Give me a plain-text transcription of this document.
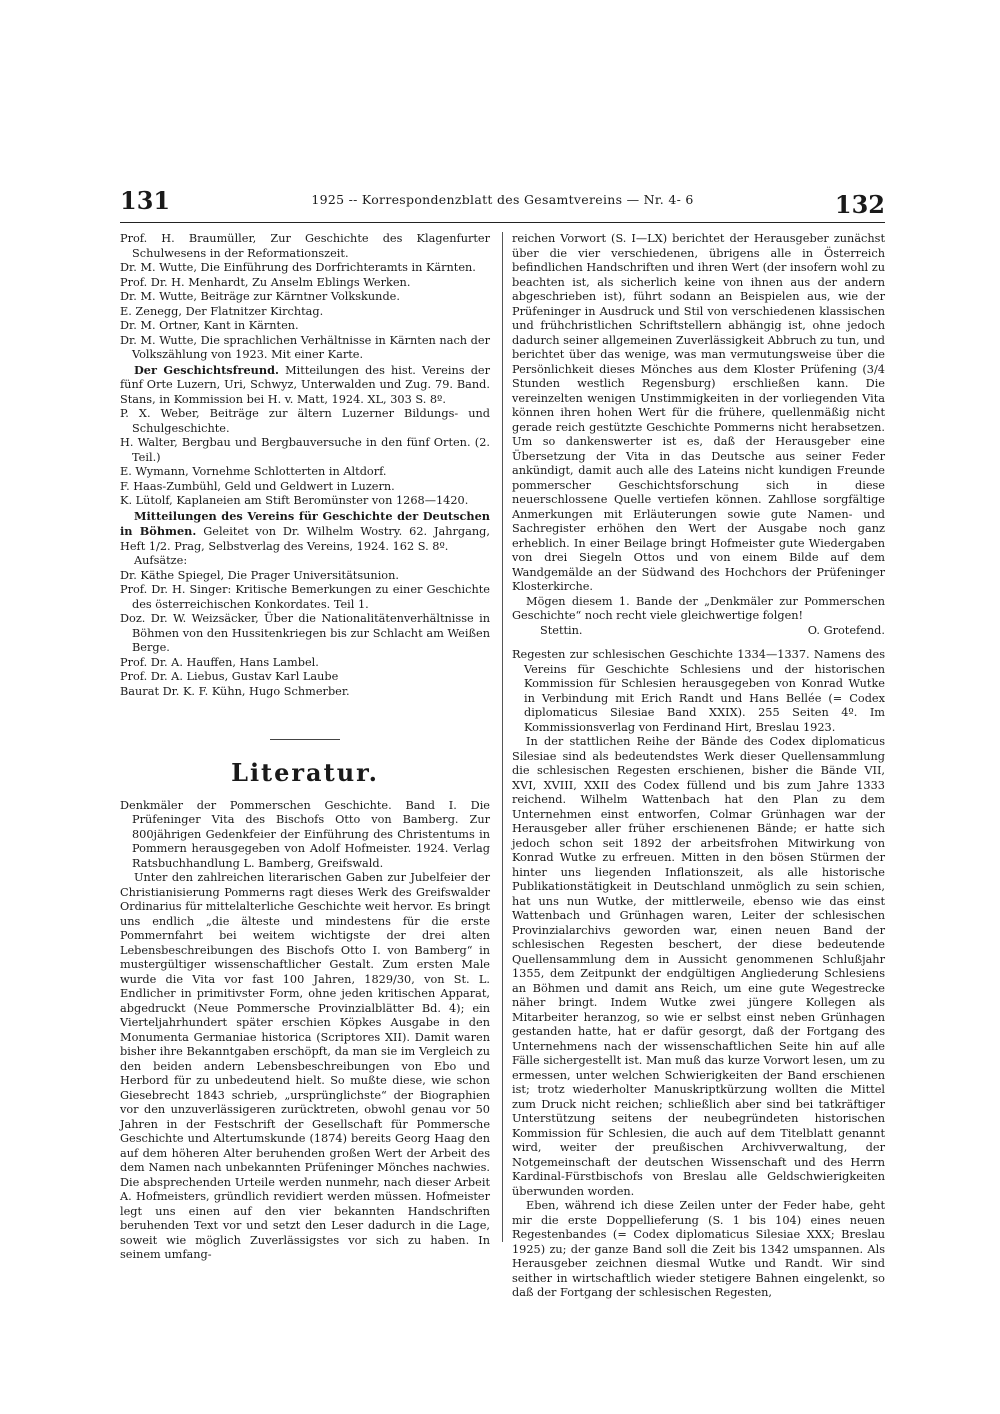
131	1925 -- Korrespondenzblatt des Gesamtvereins — Nr. 4- 6	132

Prof. H. Braumüller, Zur Geschichte des Klagenfurter Schulwesens in der Reformationszeit.

Dr. M. Wutte, Die Einführung des Dorfrichteramts in Kärnten.

Prof. Dr. H. Menhardt, Zu Anselm Eblings Werken.

Dr. M. Wutte, Beiträge zur Kärntner Volkskunde.

E. Zenegg, Der Flatnitzer Kirchtag.

Dr. M. Ortner, Kant in Kärnten.

Dr. M. Wutte, Die sprachlichen Verhältnisse in Kärnten nach der Volkszählung von 1923. Mit einer Karte.

Der Geschichtsfreund. Mitteilungen des hist. Vereins der fünf Orte Luzern, Uri, Schwyz, Unterwalden und Zug. 79. Band. Stans, in Kommission bei H. v. Matt, 1924. XL, 303 S. 8º.

P. X. Weber, Beiträge zur ältern Luzerner Bildungs- und Schulgeschichte.

H. Walter, Bergbau und Bergbauversuche in den fünf Orten. (2. Teil.)

E. Wymann, Vornehme Schlotterten in Altdorf.

F. Haas-Zumbühl, Geld und Geldwert in Luzern.

K. Lütolf, Kaplaneien am Stift Beromünster von 1268—1420.

Mitteilungen des Vereins für Geschichte der Deutschen in Böhmen. Geleitet von Dr. Wilhelm Wostry. 62. Jahrgang, Heft 1/2. Prag, Selbstverlag des Vereins, 1924. 162 S. 8º.

Aufsätze:

Dr. Käthe Spiegel, Die Prager Universitätsunion.

Prof. Dr. H. Singer: Kritische Bemerkungen zu einer Geschichte des österreichischen Konkordates. Teil 1.

Doz. Dr. W. Weizsäcker, Über die Nationalitätenverhältnisse in Böhmen von den Hussitenkriegen bis zur Schlacht am Weißen Berge.

Prof. Dr. A. Hauffen, Hans Lambel.

Prof. Dr. A. Liebus, Gustav Karl Laube

Baurat Dr. K. F. Kühn, Hugo Schmerber.

Literatur.

Denkmäler der Pommerschen Geschichte. Band I. Die Prüfeninger Vita des Bischofs Otto von Bamberg. Zur 800jährigen Gedenkfeier der Einführung des Christentums in Pommern herausgegeben von Adolf Hofmeister. 1924. Verlag Ratsbuchhandlung L. Bamberg, Greifswald.

Unter den zahlreichen literarischen Gaben zur Jubelfeier der Christianisierung Pommerns ragt dieses Werk des Greifswalder Ordinarius für mittelalterliche Geschichte weit hervor. Es bringt uns endlich „die älteste und mindestens für die erste Pommernfahrt bei weitem wichtigste der drei alten Lebensbeschreibungen des Bischofs Otto I. von Bamberg“ in mustergültiger wissenschaftlicher Gestalt. Zum ersten Male wurde die Vita vor fast 100 Jahren, 1829/30, von St. L. Endlicher in primitivster Form, ohne jeden kritischen Apparat, abgedruckt (Neue Pommersche Provinzialblätter Bd. 4); ein Vierteljahrhundert später erschien Köpkes Ausgabe in den Monumenta Germaniae historica (Scriptores XII). Damit waren bisher ihre Bekanntgaben erschöpft, da man sie im Vergleich zu den beiden andern Lebensbeschreibungen von Ebo und Herbord für zu unbedeutend hielt. So mußte diese, wie schon Giesebrecht 1843 schrieb, „ursprünglichste“ der Biographien vor den unzuverlässigeren zurücktreten, obwohl genau vor 50 Jahren in der Festschrift der Gesellschaft für Pommersche Geschichte und Altertumskunde (1874) bereits Georg Haag den auf dem höheren Alter beruhenden großen Wert der Arbeit des dem Namen nach unbekannten Prüfeninger Mönches nachwies. Die absprechenden Urteile werden nunmehr, nach dieser Arbeit A. Hofmeisters, gründlich revidiert werden müssen. Hofmeister legt uns einen auf den vier bekannten Handschriften beruhenden Text vor und setzt den Leser dadurch in die Lage, soweit wie möglich Zuverlässigstes vor sich zu haben. In seinem umfang-

reichen Vorwort (S. I—LX) berichtet der Herausgeber zunächst über die vier verschiedenen, übrigens alle in Österreich befindlichen Handschriften und ihren Wert (der insofern wohl zu beachten ist, als sicherlich keine von ihnen aus der andern abgeschrieben ist), führt sodann an Beispielen aus, wie der Prüfeninger in Ausdruck und Stil von verschiedenen klassischen und frühchristlichen Schriftstellern abhängig ist, ohne jedoch dadurch seiner allgemeinen Zuverlässigkeit Abbruch zu tun, und berichtet über das wenige, was man vermutungsweise über die Persönlichkeit dieses Mönches aus dem Kloster Prüfening (3/4 Stunden westlich Regensburg) erschließen kann. Die vereinzelten wenigen Unstimmigkeiten in der vorliegenden Vita können ihren hohen Wert für die frühere, quellenmäßig nicht gerade reich gestützte Geschichte Pommerns nicht herabsetzen. Um so dankenswerter ist es, daß der Herausgeber eine Übersetzung der Vita in das Deutsche aus seiner Feder ankündigt, damit auch alle des Lateins nicht kundigen Freunde pommerscher Geschichtsforschung sich in diese neuerschlossene Quelle vertiefen können. Zahllose sorgfältige Anmerkungen mit Erläuterungen sowie gute Namen- und Sachregister erhöhen den Wert der Ausgabe noch ganz erheblich. In einer Beilage bringt Hofmeister gute Wiedergaben von drei Siegeln Ottos und von einem Bilde auf dem Wandgemälde an der Südwand des Hochchors der Prüfeninger Klosterkirche.

Mögen diesem 1. Bande der „Denkmäler zur Pommerschen Geschichte“ noch recht viele gleichwertige folgen!

Stettin.	O. Grotefend.

Regesten zur schlesischen Geschichte 1334—1337. Namens des Vereins für Geschichte Schlesiens und der historischen Kommission für Schlesien herausgegeben von Konrad Wutke in Verbindung mit Erich Randt und Hans Bellée (= Codex diplomaticus Silesiae Band XXIX). 255 Seiten 4º. Im Kommissionsverlag von Ferdinand Hirt, Breslau 1923.

In der stattlichen Reihe der Bände des Codex diplomaticus Silesiae sind als bedeutendstes Werk dieser Quellensammlung die schlesischen Regesten erschienen, bisher die Bände VII, XVI, XVIII, XXII des Codex füllend und bis zum Jahre 1333 reichend. Wilhelm Wattenbach hat den Plan zu dem Unternehmen einst entworfen, Colmar Grünhagen war der Herausgeber aller früher erschienenen Bände; er hatte sich jedoch schon seit 1892 der arbeitsfrohen Mitwirkung von Konrad Wutke zu erfreuen. Mitten in den bösen Stürmen der hinter uns liegenden Inflationszeit, als alle historische Publikationstätigkeit in Deutschland unmöglich zu sein schien, hat uns nun Wutke, der mittlerweile, ebenso wie das einst Wattenbach und Grünhagen waren, Leiter der schlesischen Provinzialarchivs geworden war, einen neuen Band der schlesischen Regesten beschert, der diese bedeutende Quellensammlung dem in Aussicht genommenen Schlußjahr 1355, dem Zeitpunkt der endgültigen Angliederung Schlesiens an Böhmen und damit ans Reich, um eine gute Wegestrecke näher bringt. Indem Wutke zwei jüngere Kollegen als Mitarbeiter heranzog, so wie er selbst einst neben Grünhagen gestanden hatte, hat er dafür gesorgt, daß der Fortgang des Unternehmens nach der wissenschaftlichen Seite hin auf alle Fälle sichergestellt ist. Man muß das kurze Vorwort lesen, um zu ermessen, unter welchen Schwierigkeiten der Band erschienen ist; trotz wiederholter Manuskriptkürzung wollten die Mittel zum Druck nicht reichen; schließlich aber sind bei tatkräftiger Unterstützung seitens der neubegründeten historischen Kommission für Schlesien, die auch auf dem Titelblatt genannt wird, weiter der preußischen Archivverwaltung, der Notgemeinschaft der deutschen Wissenschaft und des Herrn Kardinal-Fürstbischofs von Breslau alle Geldschwierigkeiten überwunden worden.

Eben, während ich diese Zeilen unter der Feder habe, geht mir die erste Doppellieferung (S. 1 bis 104) eines neuen Regestenbandes (= Codex diplomaticus Silesiae XXX; Breslau 1925) zu; der ganze Band soll die Zeit bis 1342 umspannen. Als Herausgeber zeichnen diesmal Wutke und Randt. Wir sind seither in wirtschaftlich wieder stetigere Bahnen eingelenkt, so daß der Fortgang der schlesischen Regesten,
